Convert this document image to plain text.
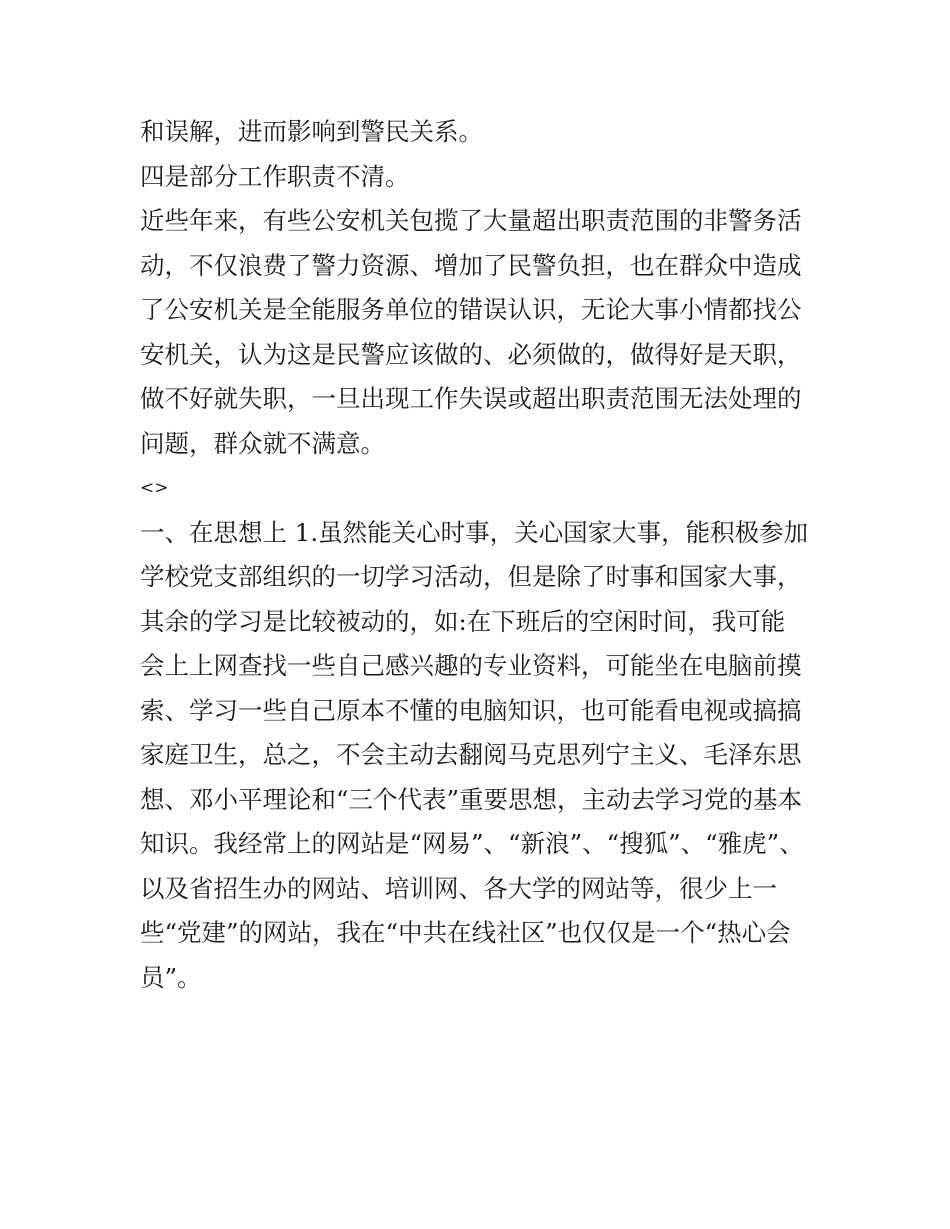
和误解，进而影响到警民关系。
四是部分工作职责不清。
近些年来，有些公安机关包揽了大量超出职责范围的非警务活
动，不仅浪费了警力资源、增加了民警负担，也在群众中造成
了公安机关是全能服务单位的错误认识，无论大事小情都找公
安机关，认为这是民警应该做的、必须做的，做得好是天职，
做不好就失职，一旦出现工作失误或超出职责范围无法处理的
问题，群众就不满意。
<>
一、在思想上 1.虽然能关心时事，关心国家大事，能积极参加
学校党支部组织的一切学习活动，但是除了时事和国家大事，
其余的学习是比较被动的，如:在下班后的空闲时间，我可能
会上上网查找一些自己感兴趣的专业资料，可能坐在电脑前摸
索、学习一些自己原本不懂的电脑知识，也可能看电视或搞搞
家庭卫生，总之，不会主动去翻阅马克思列宁主义、毛泽东思
想、邓小平理论和“三个代表”重要思想，主动去学习党的基本
知识。我经常上的网站是“网易”、“新浪”、“搜狐”、“雅虎”、
以及省招生办的网站、培训网、各大学的网站等，很少上一
些“党建”的网站，我在“中共在线社区”也仅仅是一个“热心会
员”。
